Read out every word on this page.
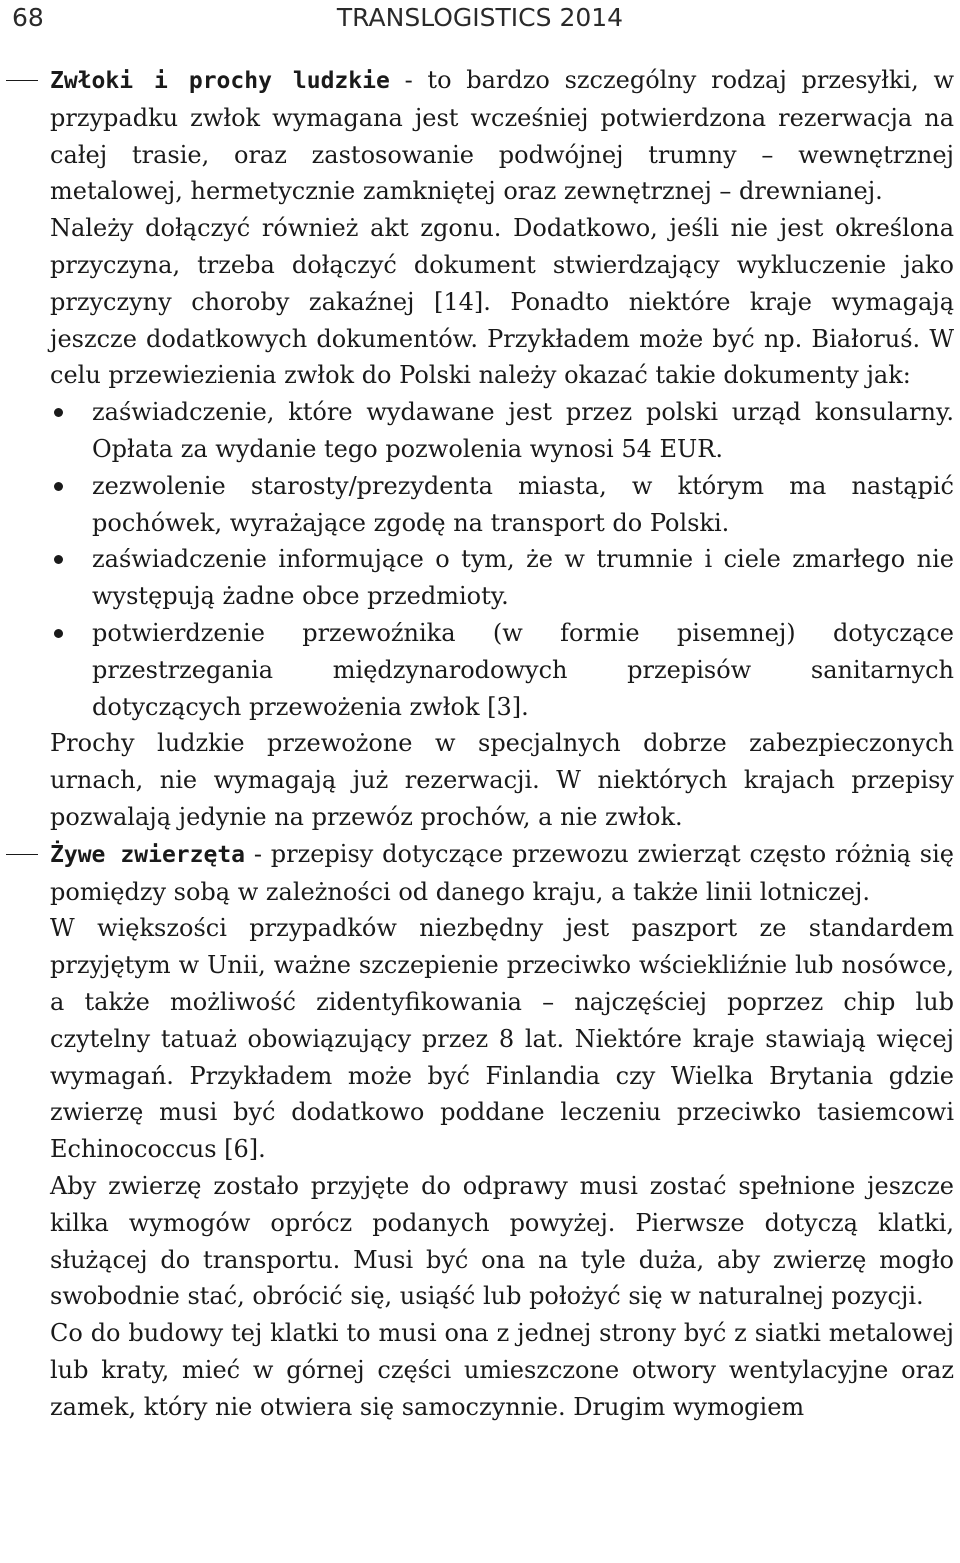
68	TRANSLOGISTICS 2014

Zwłoki i prochy ludzkie - to bardzo szczególny rodzaj przesyłki, w przypadku zwłok wymagana jest wcześniej potwierdzona rezerwacja na całej trasie, oraz zastosowanie podwójnej trumny – wewnętrznej metalowej, hermetycznie zamkniętej oraz zewnętrznej – drewnianej.

Należy dołączyć również akt zgonu. Dodatkowo, jeśli nie jest określona przyczyna, trzeba dołączyć dokument stwierdzający wykluczenie jako przyczyny choroby zakaźnej [14]. Ponadto niektóre kraje wymagają jeszcze dodatkowych dokumentów. Przykładem może być np. Białoruś. W celu przewiezienia zwłok do Polski należy okazać takie dokumenty jak:

zaświadczenie, które wydawane jest przez polski urząd konsularny. Opłata za wydanie tego pozwolenia wynosi 54 EUR.
zezwolenie starosty/prezydenta miasta, w którym ma nastąpić pochówek, wyrażające zgodę na transport do Polski.
zaświadczenie informujące o tym, że w trumnie i ciele zmarłego nie występują żadne obce przedmioty.
potwierdzenie przewoźnika (w formie pisemnej) dotyczące przestrzegania międzynarodowych przepisów sanitarnych dotyczących przewożenia zwłok [3].

Prochy ludzkie przewożone w specjalnych dobrze zabezpieczonych urnach, nie wymagają już rezerwacji. W niektórych krajach przepisy pozwalają jedynie na przewóz prochów, a nie zwłok.

Żywe zwierzęta - przepisy dotyczące przewozu zwierząt często różnią się pomiędzy sobą w zależności od danego kraju, a także linii lotniczej.

W większości przypadków niezbędny jest paszport ze standardem przyjętym w Unii, ważne szczepienie przeciwko wściekliźnie lub nosówce, a także możliwość zidentyfikowania – najczęściej poprzez chip lub czytelny tatuaż obowiązujący przez 8 lat. Niektóre kraje stawiają więcej wymagań. Przykładem może być Finlandia czy Wielka Brytania gdzie zwierzę musi być dodatkowo poddane leczeniu przeciwko tasiemcowi Echinococcus [6].

Aby zwierzę zostało przyjęte do odprawy musi zostać spełnione jeszcze kilka wymogów oprócz podanych powyżej. Pierwsze dotyczą klatki, służącej do transportu. Musi być ona na tyle duża, aby zwierzę mogło swobodnie stać, obrócić się, usiąść lub położyć się w naturalnej pozycji.

Co do budowy tej klatki to musi ona z jednej strony być z siatki metalowej lub kraty, mieć w górnej części umieszczone otwory wentylacyjne oraz zamek, który nie otwiera się samoczynnie. Drugim wymogiem
